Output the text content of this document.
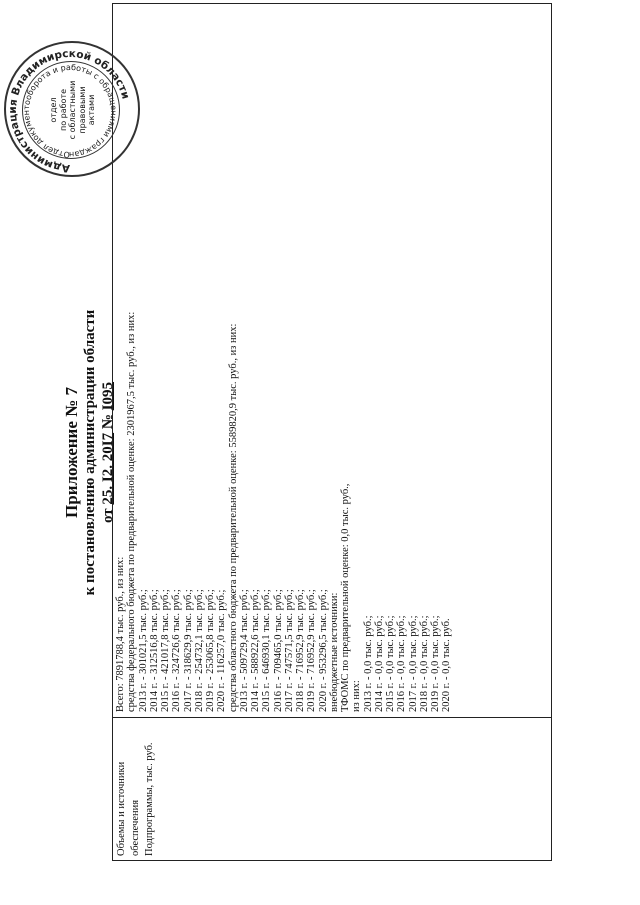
Приложение № 7 к постановлению администрации области от 25. I2. 20I7 № I095
Объемы и источники обеспечения Подпрограммы, тыс. руб.
Всего: 7891788,4 тыс. руб., из них: средства федерального бюджета по предварительной оценке: 2301967,5 тыс. руб., из них: 2013 г. - 301021,5 тыс. руб.; 2014 г. - 312516,8 тыс. руб.; 2015 г. - 421017,8 тыс. руб.; 2016 г. - 324726,6 тыс. руб.; 2017 г. - 318629,9 тыс. руб.; 2018 г. - 254732,1 тыс. руб.; 2019 г. - 253065,8 тыс. руб.; 2020 г. - 116257,0 тыс. руб.; средства областного бюджета по предварительной оценке: 5589820,9 тыс. руб., из них: 2013 г. - 509729,4 тыс. руб.; 2014 г. - 588922,6 тыс. руб.; 2015 г. - 646930,1 тыс. руб.; 2016 г. - 709465,0 тыс. руб.; 2017 г. - 747571,5 тыс. руб.; 2018 г. - 716952,9 тыс. руб.; 2019 г. - 716952,9 тыс. руб.; 2020 г. - 953296,5 тыс. руб.; внебюджетные источники: ТФОМС по предварительной оценке: 0,0 тыс. руб., из них: 2013 г. - 0,0 тыс. руб.; 2014 г. - 0,0 тыс. руб.; 2015 г. - 0,0 тыс. руб.; 2016 г. - 0,0 тыс. руб.; 2017 г. - 0,0 тыс. руб.; 2018 г. - 0,0 тыс. руб.; 2019 г. - 0,0 тыс. руб.; 2020 г. - 0,0 тыс. руб.
Администрация Владимирской области
Отдел документооборота и работы с обращениями граждан
отдел по работе с областными правовыми актами
